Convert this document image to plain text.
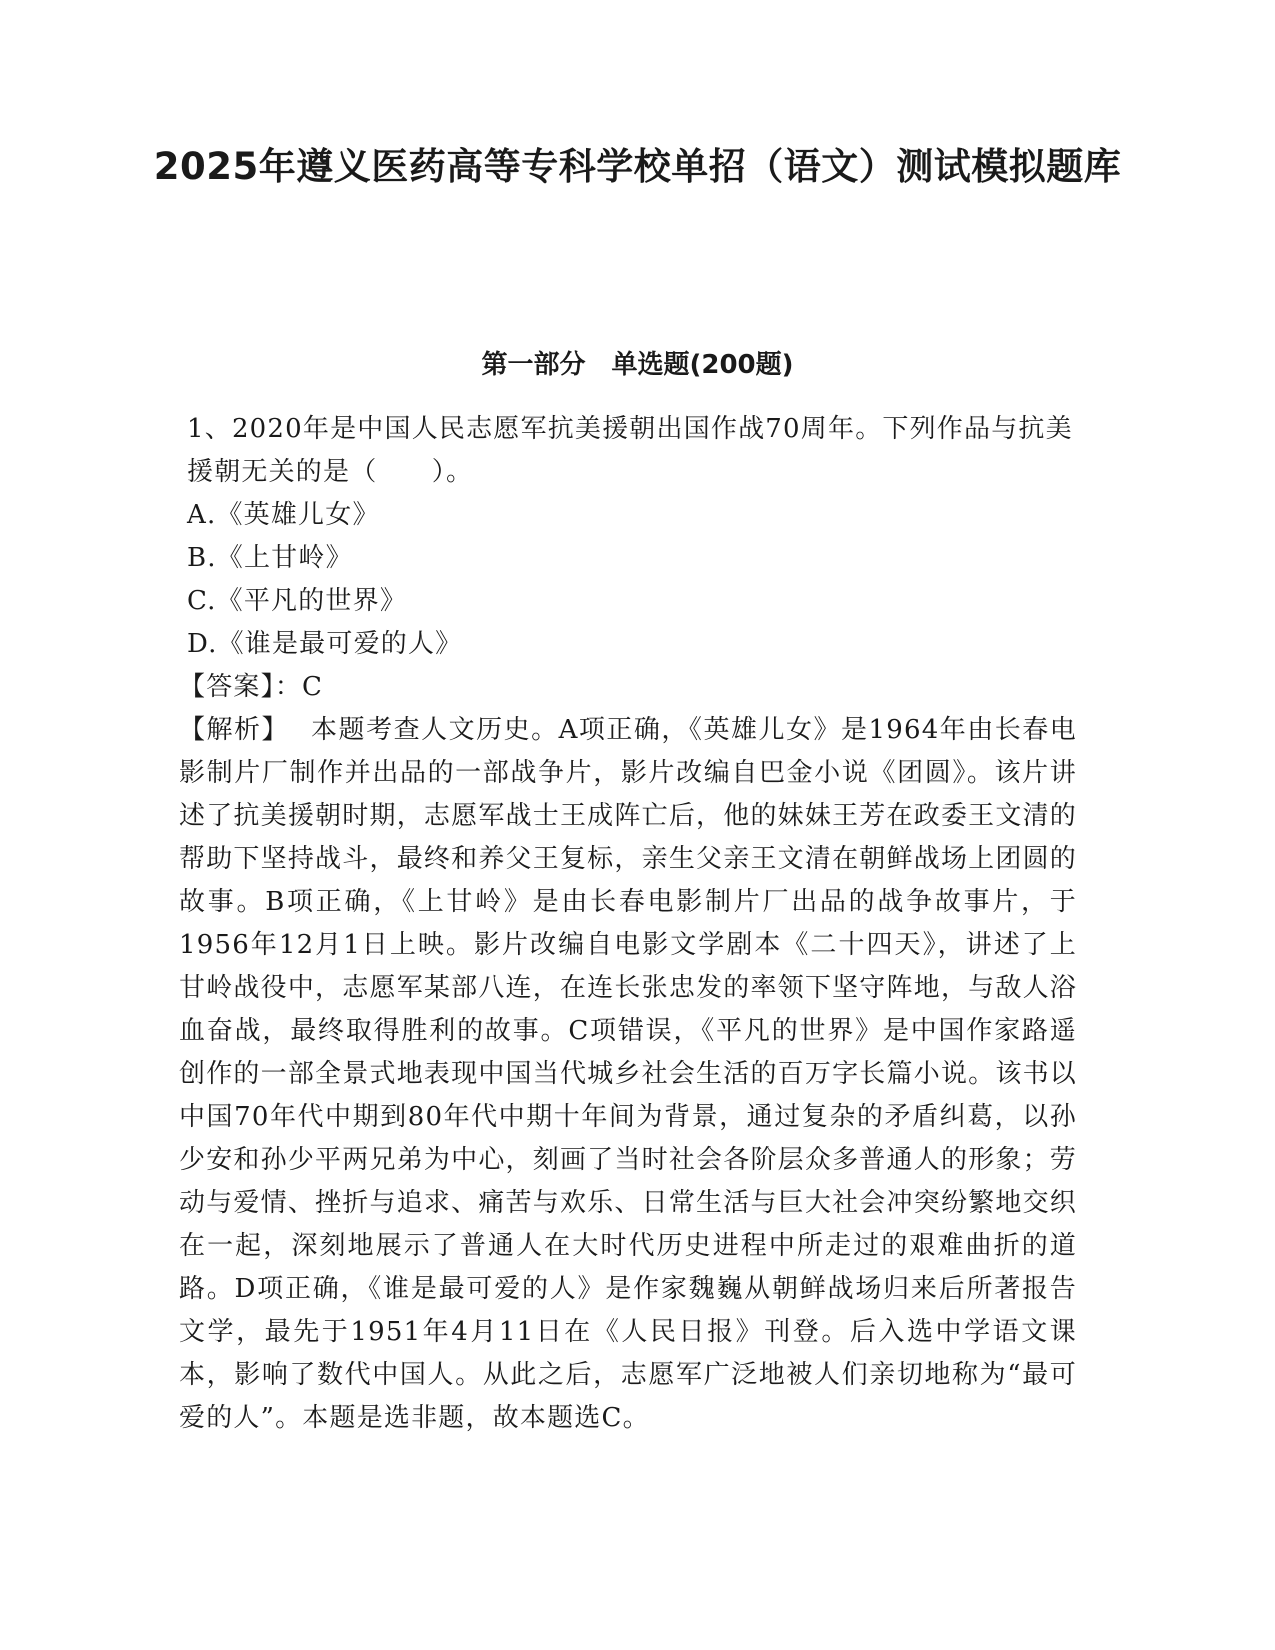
2025年遵义医药高等专科学校单招（语文）测试模拟题库
第一部分　单选题(200题)

1、2020年是中国人民志愿军抗美援朝出国作战70周年。下列作品与抗美援朝无关的是（　　）。

A.《英雄儿女》

B.《上甘岭》

C.《平凡的世界》

D.《谁是最可爱的人》

【答案】：C

【解析】 本题考查人文历史。A项正确，《英雄儿女》是1964年由长春电影制片厂制作并出品的一部战争片，影片改编自巴金小说《团圆》。该片讲述了抗美援朝时期，志愿军战士王成阵亡后，他的妹妹王芳在政委王文清的帮助下坚持战斗，最终和养父王复标，亲生父亲王文清在朝鲜战场上团圆的故事。B项正确，《上甘岭》是由长春电影制片厂出品的战争故事片，于1956年12月1日上映。影片改编自电影文学剧本《二十四天》，讲述了上甘岭战役中，志愿军某部八连，在连长张忠发的率领下坚守阵地，与敌人浴血奋战，最终取得胜利的故事。C项错误，《平凡的世界》是中国作家路遥创作的一部全景式地表现中国当代城乡社会生活的百万字长篇小说。该书以中国70年代中期到80年代中期十年间为背景，通过复杂的矛盾纠葛，以孙少安和孙少平两兄弟为中心，刻画了当时社会各阶层众多普通人的形象；劳动与爱情、挫折与追求、痛苦与欢乐、日常生活与巨大社会冲突纷繁地交织在一起，深刻地展示了普通人在大时代历史进程中所走过的艰难曲折的道路。D项正确，《谁是最可爱的人》是作家魏巍从朝鲜战场归来后所著报告文学，最先于1951年4月11日在《人民日报》刊登。后入选中学语文课本，影响了数代中国人。从此之后，志愿军广泛地被人们亲切地称为“最可爱的人”。本题是选非题，故本题选C。
